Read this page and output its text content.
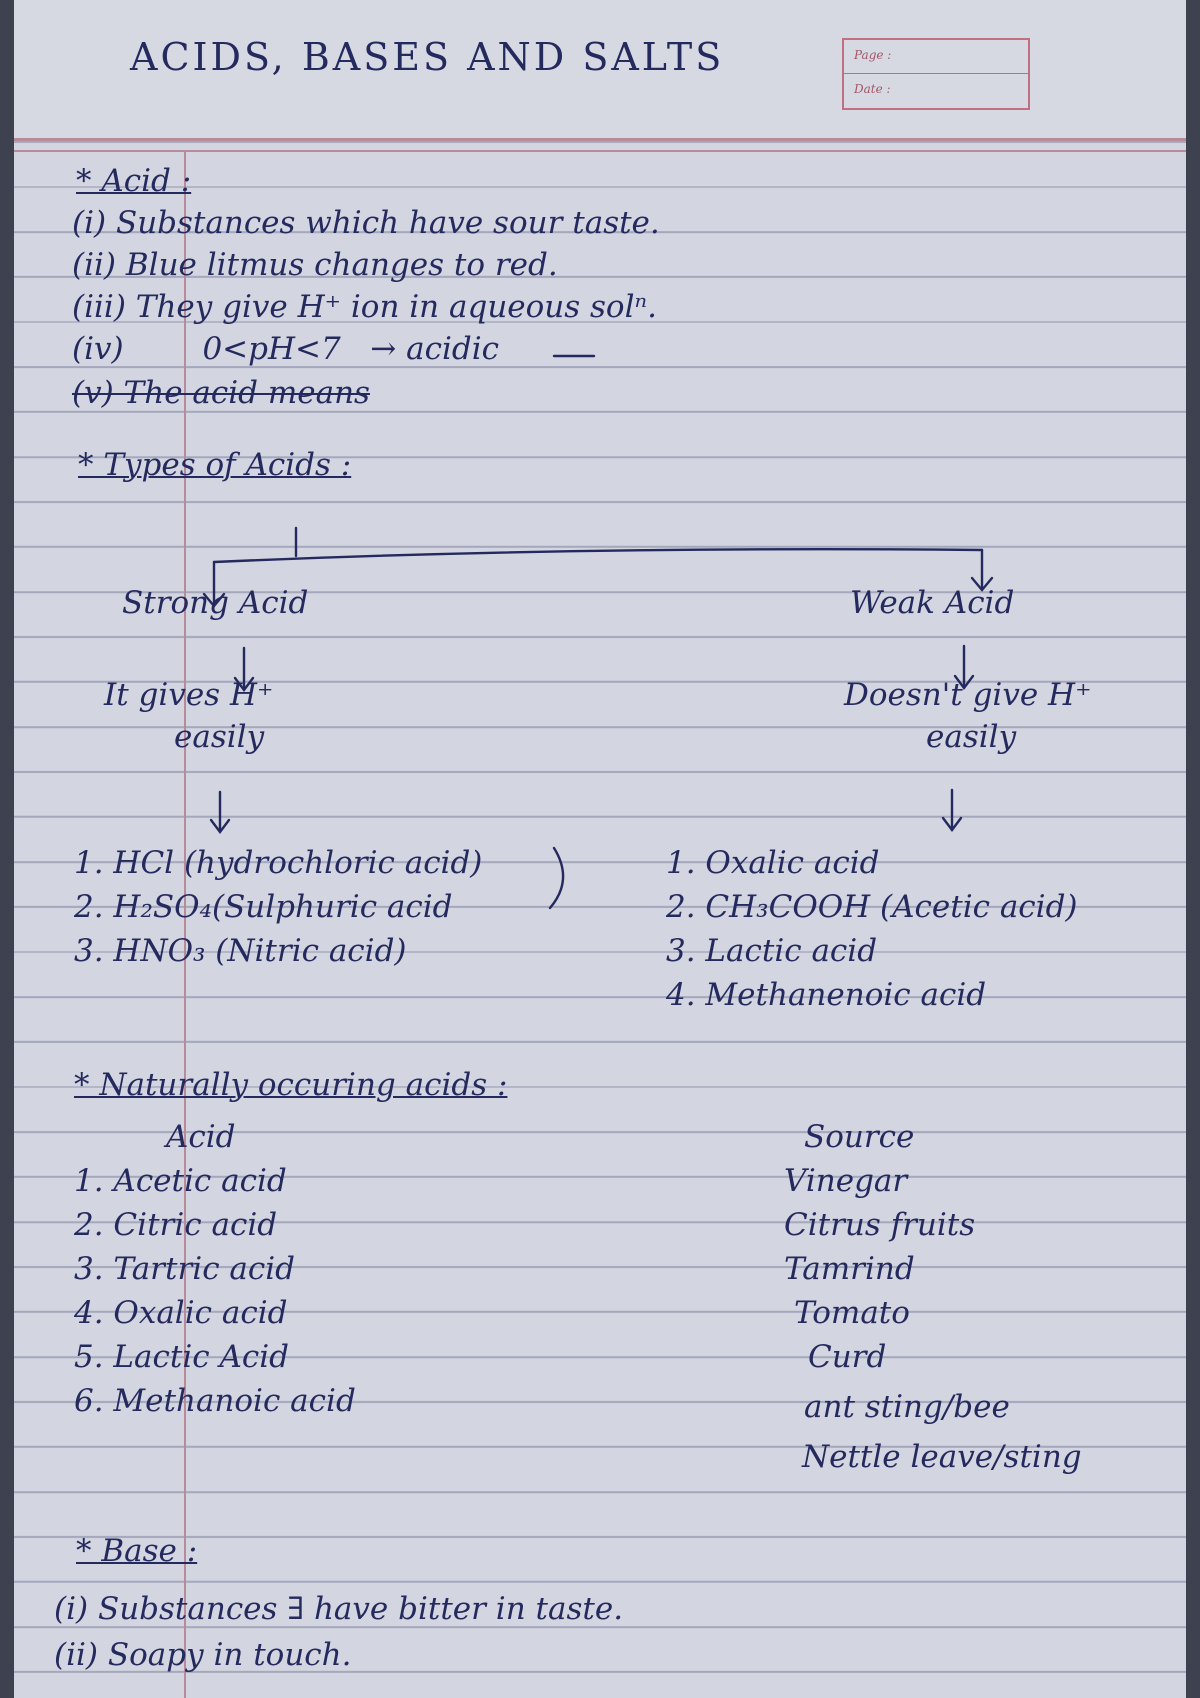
ACIDS, BASES AND SALTS	Page :
Date :
* Acid :
(i) Substances which have sour taste.
(ii) Blue litmus changes to red.
(iii) They give H⁺ ion in aqueous solⁿ.
(iv)        0<pH<7   → acidic
(v) The acid means
* Types of Acids :
Strong Acid
It gives H⁺
easily
Weak Acid
Doesn't give H⁺
easily
1. HCl (hydrochloric acid)
2. H₂SO₄(Sulphuric acid
3. HNO₃ (Nitric acid)
1. Oxalic acid
2. CH₃COOH (Acetic acid)
3. Lactic acid
4. Methanenoic acid
* Naturally occuring acids :
Acid	Source
1. Acetic acid	Vinegar
2. Citric acid	Citrus fruits
3. Tartric acid	Tamrind
4. Oxalic acid	Tomato
5. Lactic Acid	Curd
6. Methanoic acid	ant sting/bee
Nettle leave/sting
* Base :
(i) Substances ∃ have bitter in taste.
(ii) Soapy in touch.
